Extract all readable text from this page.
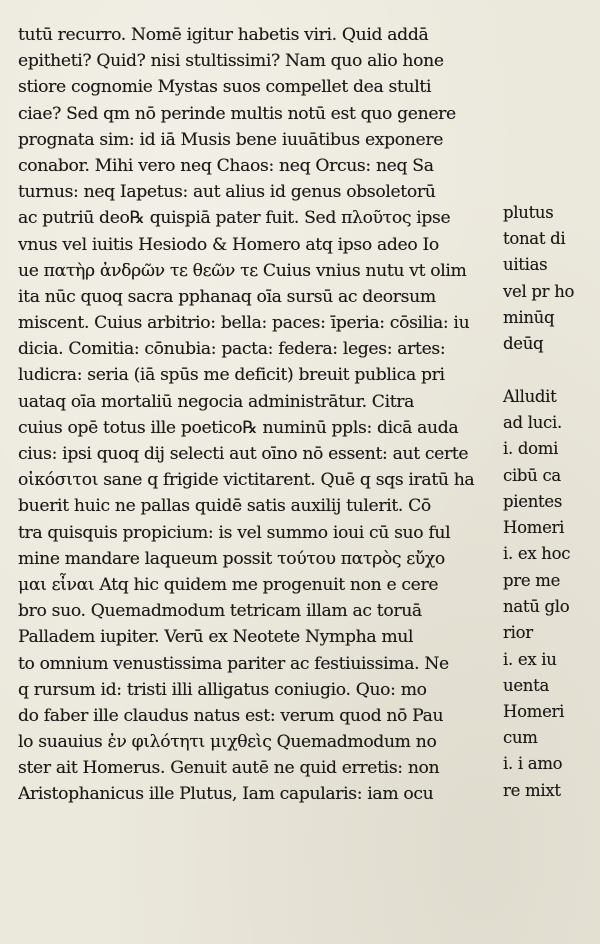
tutū recurro. Nomē igitur habetis viri. Quid addā
epitheti? Quid? nisi stultissimi? Nam quo alio hone
stiore cognomie Mystas suos compellet dea stulti
ciae? Sed qm nō perinde multis notū est quo genere
prognata sim: id iā Musis bene iuuātibus exponere
conabor. Mihi vero neq Chaos: neq Orcus: neq Sa
turnus: neq Iapetus: aut alius id genus obsoletorū
ac putriū deo℞ quispiā pater fuit. Sed πλοῦτος ipse
vnus vel iuitis Hesiodo & Homero atq ipso adeo Io
ue πατὴρ ἀνδρῶν τε θεῶν τε Cuius vnius nutu vt olim
ita nūc quoq sacra pphanaq oīa sursū ac deorsum
miscent. Cuius arbitrio: bella: paces: īperia: cōsilia: iu
dicia. Comitia: cōnubia: pacta: federa: leges: artes:
ludicra: seria (iā spūs me deficit) breuit publica pri
uataq oīa mortaliū negocia administrātur. Citra
cuius opē totus ille poetico℞ numinū ppls: dicā auda
cius: ipsi quoq dij selecti aut oīno nō essent: aut certe
οἰκόσιτοι sane q frigide victitarent. Quē q sqs iratū ha
buerit huic ne pallas quidē satis auxilij tulerit. Cō
tra quisquis propicium: is vel summo ioui cū suo ful
mine mandare laqueum possit τούτου πατρὸς εὔχο
μαι εἶναι Atq hic quidem me progenuit non e cere
bro suo. Quemadmodum tetricam illam ac toruā
Palladem iupiter. Verū ex Neotete Nympha mul
to omnium venustissima pariter ac festiuissima. Ne
q rursum id: tristi illi alligatus coniugio. Quo: mo
do faber ille claudus natus est: verum quod nō Pau
lo suauius ἐν φιλότητι μιχθεὶς Quemadmodum no
ster ait Homerus. Genuit autē ne quid erretis: non
Aristophanicus ille Plutus, Iam capularis: iam ocu
plutus
tonat di
uitias
vel pr ho
minūq
deūq
Alludit
ad luci.
i. domi
cibū ca
pientes
Homeri
i. ex hoc
pre me
natū glo
rior
i. ex iu
uenta
Homeri
cum
i. i amo
re mixt
